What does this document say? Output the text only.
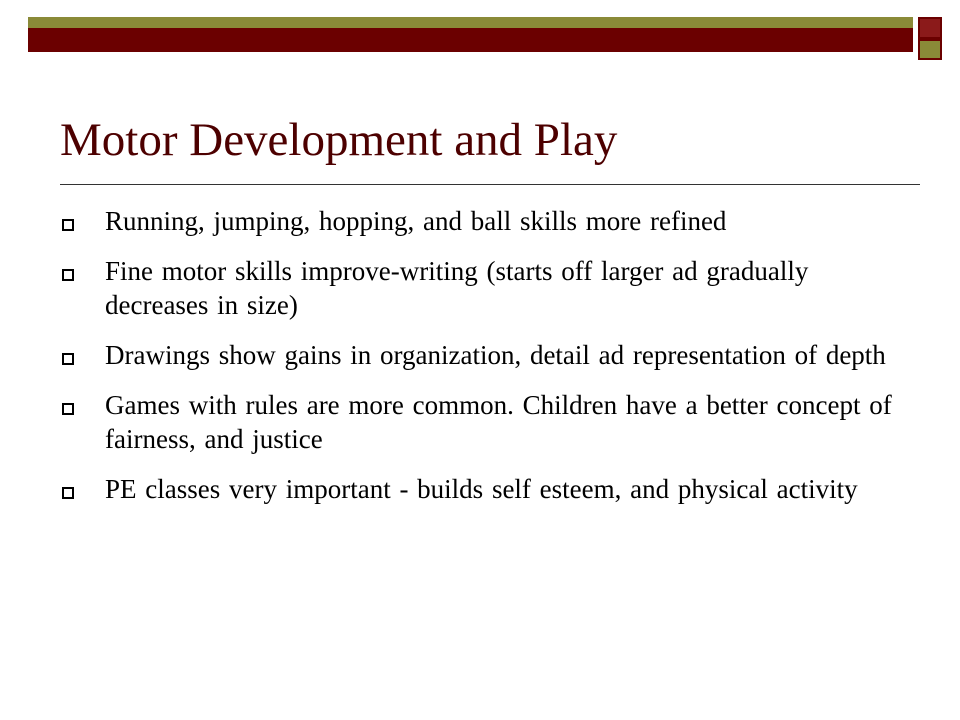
Motor Development and Play
Running, jumping, hopping, and ball skills more refined
Fine motor skills improve-writing (starts off larger ad gradually decreases in size)
Drawings show gains in organization, detail ad representation of depth
Games with rules are more common. Children have a better concept of fairness, and justice
PE classes very important - builds self esteem, and physical activity
